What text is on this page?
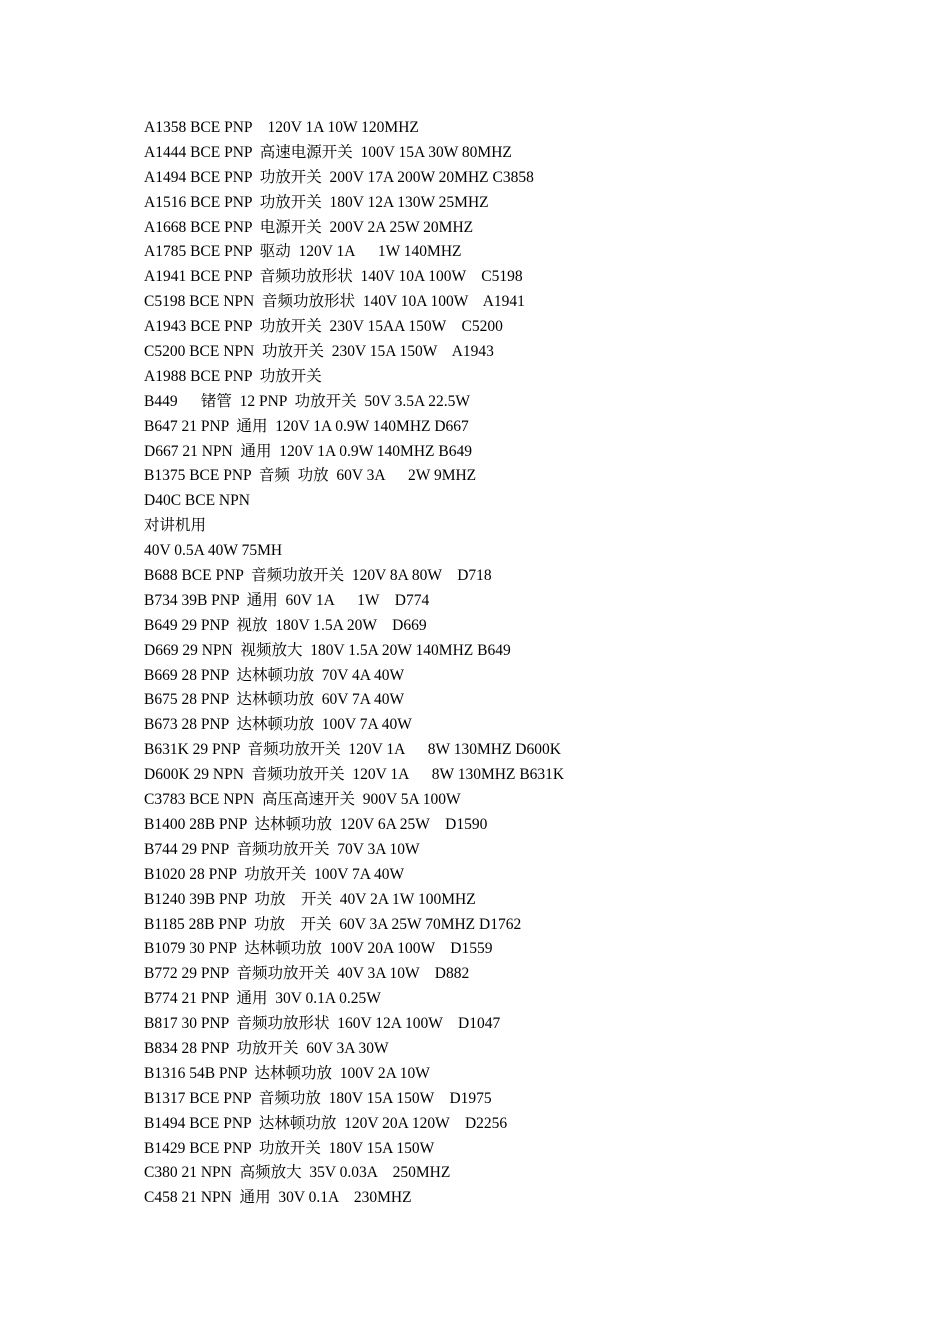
A1358 BCE PNP    120V 1A 10W 120MHZ
A1444 BCE PNP  高速电源开关  100V 15A 30W 80MHZ
A1494 BCE PNP  功放开关  200V 17A 200W 20MHZ C3858
A1516 BCE PNP  功放开关  180V 12A 130W 25MHZ
A1668 BCE PNP  电源开关  200V 2A 25W 20MHZ
A1785 BCE PNP  驱动  120V 1A      1W 140MHZ
A1941 BCE PNP  音频功放形状  140V 10A 100W    C5198
C5198 BCE NPN  音频功放形状  140V 10A 100W    A1941
A1943 BCE PNP  功放开关  230V 15AA 150W    C5200
C5200 BCE NPN  功放开关  230V 15A 150W    A1943
A1988 BCE PNP  功放开关
B449      锗管  12 PNP  功放开关  50V 3.5A 22.5W
B647 21 PNP  通用  120V 1A 0.9W 140MHZ D667
D667 21 NPN  通用  120V 1A 0.9W 140MHZ B649
B1375 BCE PNP  音频  功放  60V 3A      2W 9MHZ
D40C BCE NPN
对讲机用
40V 0.5A 40W 75MH
B688 BCE PNP  音频功放开关  120V 8A 80W    D718
B734 39B PNP  通用  60V 1A      1W    D774
B649 29 PNP  视放  180V 1.5A 20W    D669
D669 29 NPN  视频放大  180V 1.5A 20W 140MHZ B649
B669 28 PNP  达林顿功放  70V 4A 40W
B675 28 PNP  达林顿功放  60V 7A 40W
B673 28 PNP  达林顿功放  100V 7A 40W
B631K 29 PNP  音频功放开关  120V 1A      8W 130MHZ D600K
D600K 29 NPN  音频功放开关  120V 1A      8W 130MHZ B631K
C3783 BCE NPN  高压高速开关  900V 5A 100W
B1400 28B PNP  达林顿功放  120V 6A 25W    D1590
B744 29 PNP  音频功放开关  70V 3A 10W
B1020 28 PNP  功放开关  100V 7A 40W
B1240 39B PNP  功放    开关  40V 2A 1W 100MHZ
B1185 28B PNP  功放    开关  60V 3A 25W 70MHZ D1762
B1079 30 PNP  达林顿功放  100V 20A 100W    D1559
B772 29 PNP  音频功放开关  40V 3A 10W    D882
B774 21 PNP  通用  30V 0.1A 0.25W
B817 30 PNP  音频功放形状  160V 12A 100W    D1047
B834 28 PNP  功放开关  60V 3A 30W
B1316 54B PNP  达林顿功放  100V 2A 10W
B1317 BCE PNP  音频功放  180V 15A 150W    D1975
B1494 BCE PNP  达林顿功放  120V 20A 120W    D2256
B1429 BCE PNP  功放开关  180V 15A 150W
C380 21 NPN  高频放大  35V 0.03A    250MHZ
C458 21 NPN  通用  30V 0.1A    230MHZ
